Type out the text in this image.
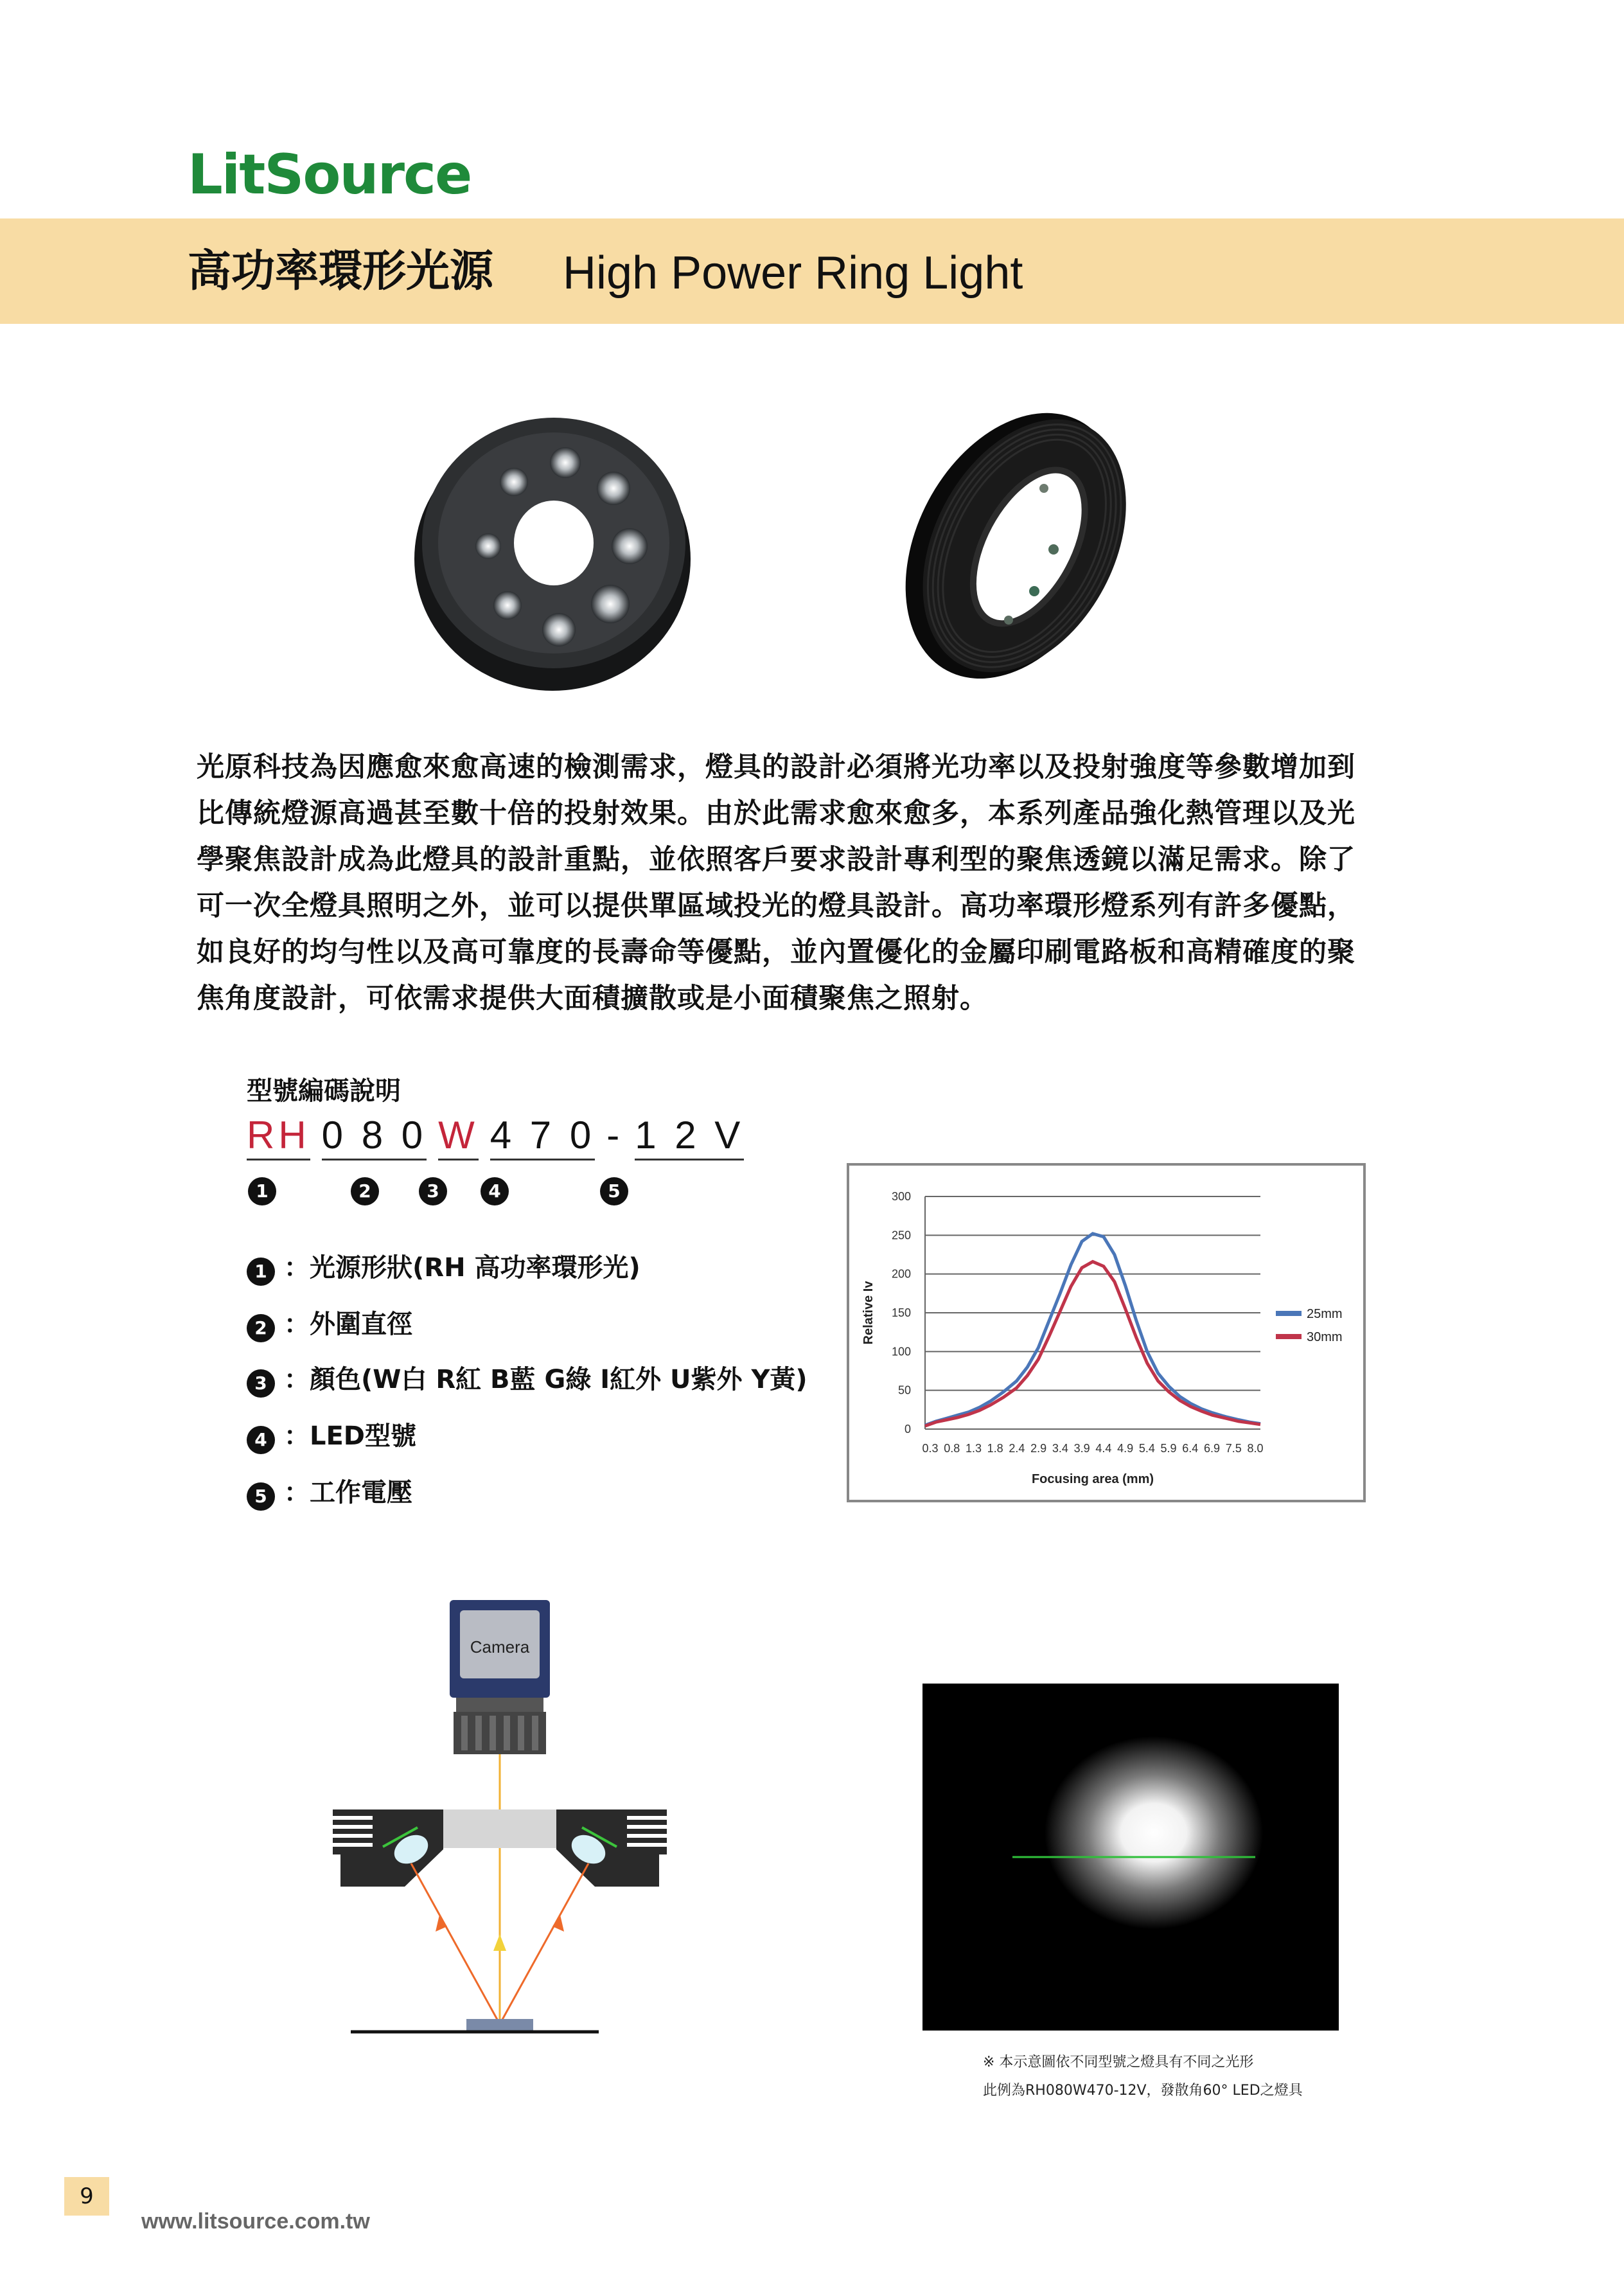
LitSource
高功率環形光源 High Power Ring Light
光原科技為因應愈來愈高速的檢測需求，燈具的設計必須將光功率以及投射強度等參數增加到
比傳統燈源高過甚至數十倍的投射效果。由於此需求愈來愈多，本系列產品強化熱管理以及光
學聚焦設計成為此燈具的設計重點，並依照客戶要求設計專利型的聚焦透鏡以滿足需求。除了
可一次全燈具照明之外，並可以提供單區域投光的燈具設計。高功率環形燈系列有許多優點，
如良好的均勻性以及高可靠度的長壽命等優點，並內置優化的金屬印刷電路板和高精確度的聚
焦角度設計，可依需求提供大面積擴散或是小面積聚焦之照射。
型號編碼說明
RH 0 8 0 W 4 7 0 - 1 2 V
1	2	3	4	5
1 ：光源形狀(RH 高功率環形光)
2 ：外圍直徑
3 ：顏色(W白 R紅 B藍 G綠 I紅外 U紫外 Y黃)
4 ：LED型號
5 ：工作電壓
0
50
100
150
200
250
300
0.3 0.8 1.3 1.8 2.4 2.9 3.4 3.9 4.4 4.9 5.4 5.9 6.4 6.9 7.5 8.0
Focusing area (mm)
Relative Iv	25mm
30mm
Camera
※ 本示意圖依不同型號之燈具有不同之光形
此例為RH080W470-12V，發散角60° LED之燈具
9
www.litsource.com.tw
